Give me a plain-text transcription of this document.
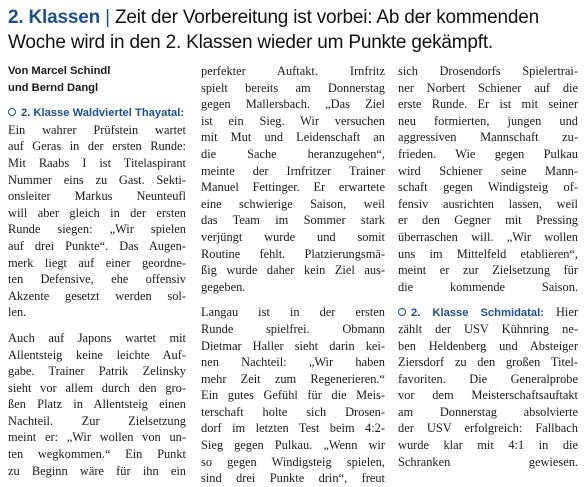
2. Klassen | Zeit der Vorbereitung ist vorbei: Ab der kommenden
Woche wird in den 2. Klassen wieder um Punkte gekämpft.
Von Marcel Schindl
und Bernd Dangl
2. Klasse Waldviertel Thayatal:
Ein wahrer Prüfstein wartet
auf Geras in der ersten Runde:
Mit Raabs I ist Titelaspirant
Nummer eins zu Gast. Sekti-
onsleiter Markus Neunteufl
will aber gleich in der ersten
Runde siegen: „Wir spielen
auf drei Punkte“. Das Augen-
merk liegt auf einer geordne-
ten Defensive, ehe offensiv
Akzente gesetzt werden sol-
len.
Auch auf Japons wartet mit
Allentsteig keine leichte Auf-
gabe. Trainer Patrik Zelinsky
sieht vor allem durch den gro-
ßen Platz in Allentsteig einen
Nachteil. Zur Zielsetzung
meint er: „Wir wollen von un-
ten wegkommen.“ Ein Punkt
zu Beginn wäre für ihn ein
perfekter Auftakt. Irnfritz
spielt bereits am Donnerstag
gegen Mallersbach. „Das Ziel
ist ein Sieg. Wir versuchen
mit Mut und Leidenschaft an
die Sache heranzugehen“,
meinte der Irnfritzer Trainer
Manuel Fettinger. Er erwartete
eine schwierige Saison, weil
das Team im Sommer stark
verjüngt wurde und somit
Routine fehlt. Platzierungsmä-
ßig wurde daher kein Ziel aus-
gegeben.
Langau ist in der ersten
Runde spielfrei. Obmann
Dietmar Haller sieht darin kei-
nen Nachteil: „Wir haben
mehr Zeit zum Regenerieren.“
Ein gutes Gefühl für die Meis-
terschaft holte sich Drosen-
dorf im letzten Test beim 4:2-
Sieg gegen Pulkau. „Wenn wir
so gegen Windigsteig spielen,
sind drei Punkte drin“, freut
sich Drosendorfs Spielertrai-
ner Norbert Schiener auf die
erste Runde. Er ist mit seiner
neu formierten, jungen und
aggressiven Mannschaft zu-
frieden. Wie gegen Pulkau
wird Schiener seine Mann-
schaft gegen Windigsteig of-
fensiv ausrichten lassen, weil
er den Gegner mit Pressing
überraschen will. „Wir wollen
uns im Mittelfeld etablieren“,
meint er zur Zielsetzung für
die kommende Saison.
2. Klasse Schmidatal: Hier
zählt der USV Kühnring ne-
ben Heldenberg und Absteiger
Ziersdorf zu den großen Titel-
favoriten. Die Generalprobe
vor dem Meisterschaftsauftakt
am Donnerstag absolvierte
der USV erfolgreich: Fallbach
wurde klar mit 4:1 in die
Schranken gewiesen.
